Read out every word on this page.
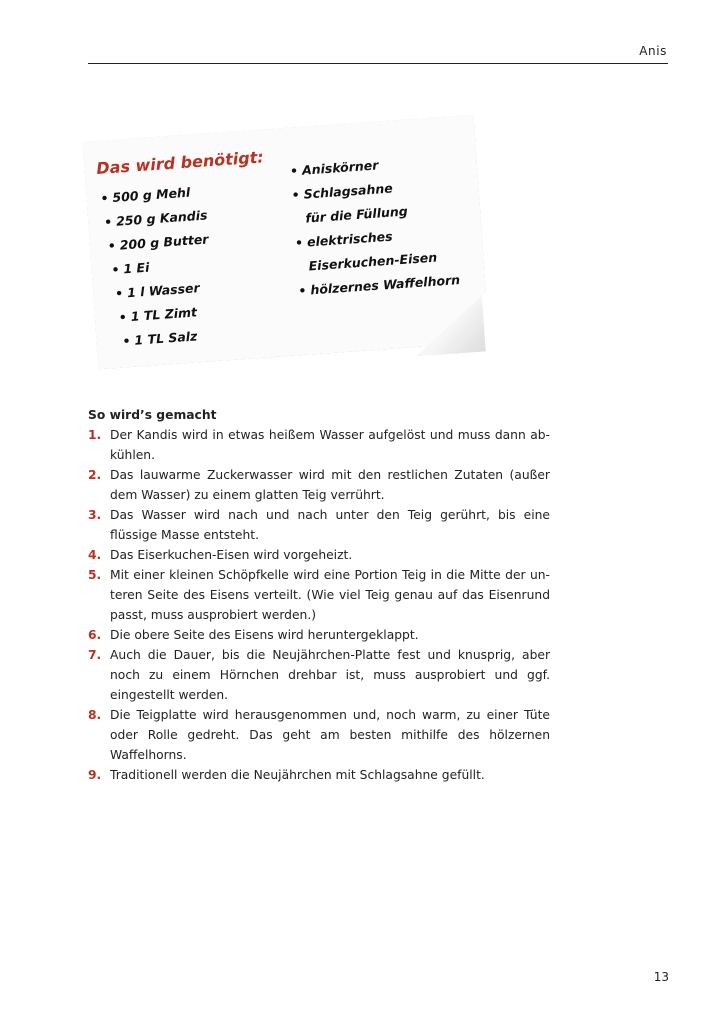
Anis
Das wird benötigt:
• 500 g Mehl
• 250 g Kandis
• 200 g Butter
• 1 Ei
• 1 l Wasser
• 1 TL Zimt
• 1 TL Salz
• Aniskörner
• Schlagsahne
für die Füllung
• elektrisches
Eiserkuchen-Eisen
• hölzernes Waffelhorn
So wird’s gemacht
1. Der Kandis wird in etwas heißem Wasser aufgelöst und muss dann ab-kühlen.
2. Das lauwarme Zuckerwasser wird mit den restlichen Zutaten (außer dem Wasser) zu einem glatten Teig verrührt.
3. Das Wasser wird nach und nach unter den Teig gerührt, bis eine flüssige Masse entsteht.
4. Das Eiserkuchen-Eisen wird vorgeheizt.
5. Mit einer kleinen Schöpfkelle wird eine Portion Teig in die Mitte der un-teren Seite des Eisens verteilt. (Wie viel Teig genau auf das Eisenrund passt, muss ausprobiert werden.)
6. Die obere Seite des Eisens wird heruntergeklappt.
7. Auch die Dauer, bis die Neujährchen-Platte fest und knusprig, aber noch zu einem Hörnchen drehbar ist, muss ausprobiert und ggf. eingestellt werden.
8. Die Teigplatte wird herausgenommen und, noch warm, zu einer Tüte oder Rolle gedreht. Das geht am besten mithilfe des hölzernen Waffelhorns.
9. Traditionell werden die Neujährchen mit Schlagsahne gefüllt.
13
